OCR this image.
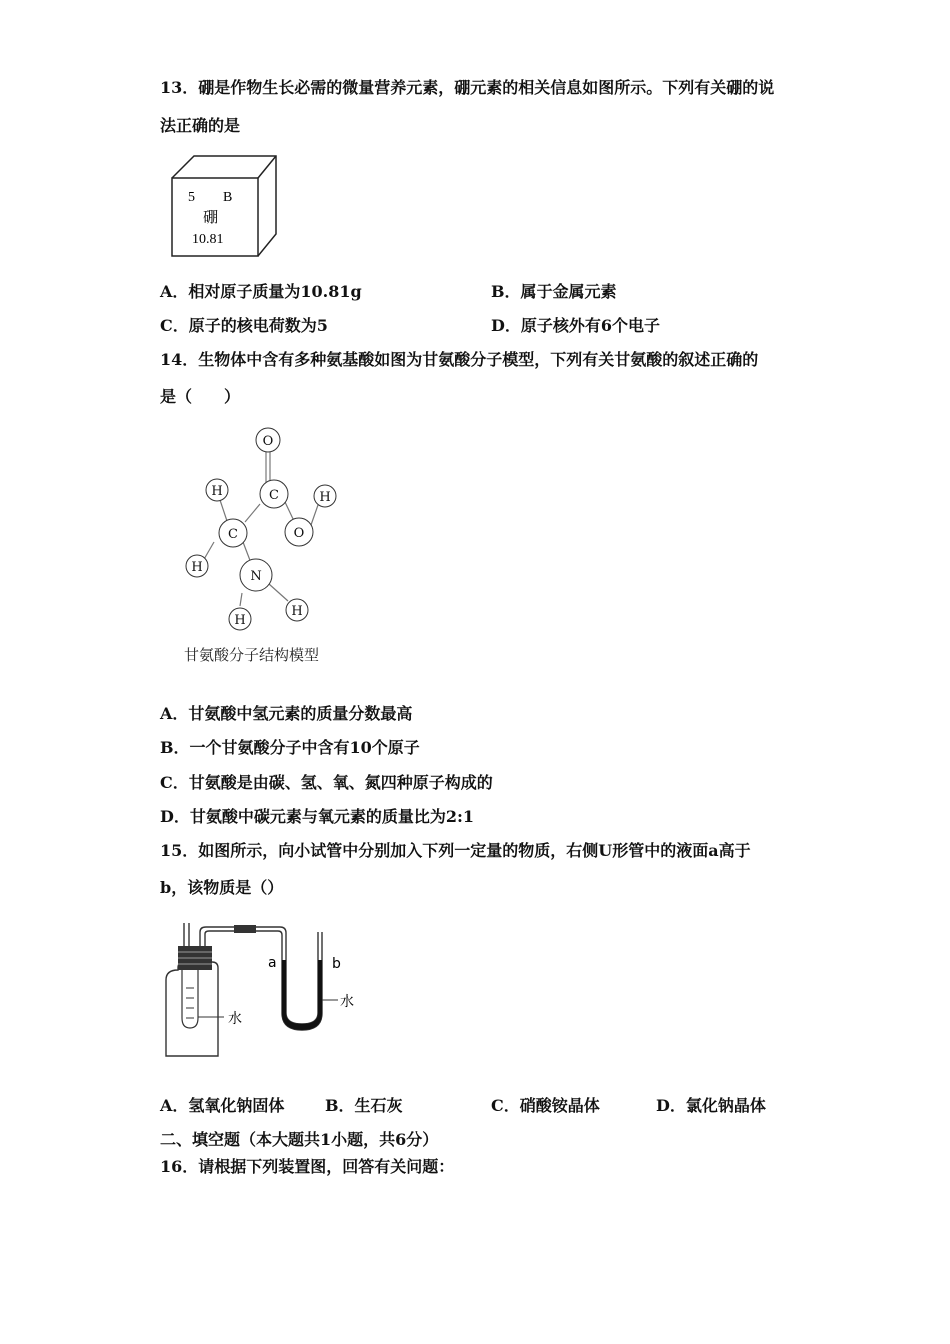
13．硼是作物生长必需的微量营养元素，硼元素的相关信息如图所示。下列有关硼的说
法正确的是
5 B
硼
10.81
A．相对原子质量为10.81g	B．属于金属元素
C．原子的核电荷数为5	D．原子核外有6个电子
14．生物体中含有多种氨基酸如图为甘氨酸分子模型，下列有关甘氨酸的叙述正确的
是（　　）
O
C
H	H
C	O
H
N
H
H
甘氨酸分子结构模型
A．甘氨酸中氢元素的质量分数最高
B．一个甘氨酸分子中含有10个原子
C．甘氨酸是由碳、氢、氧、氮四种原子构成的
D．甘氨酸中碳元素与氧元素的质量比为2:1
15．如图所示，向小试管中分别加入下列一定量的物质，右侧U形管中的液面a高于
b，该物质是（）
a	b
水
水
A．氢氧化钠固体	B．生石灰	C．硝酸铵晶体	D．氯化钠晶体
二、填空题（本大题共1小题，共6分）
16．请根据下列装置图，回答有关问题：
